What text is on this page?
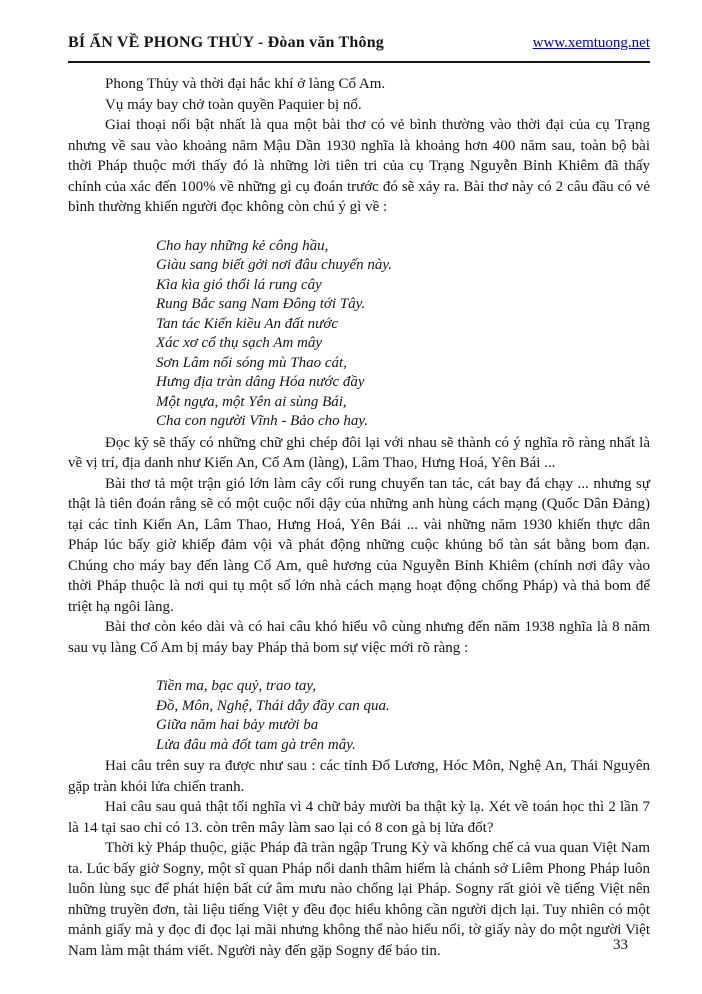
BÍ ẨN VỀ PHONG THỦY - Đòan văn Thông	www.xemtuong.net

Phong Thủy và thời đại hắc khí ở làng Cổ Am.

Vụ máy bay chở toàn quyền Paquier bị nổ.

Giai thoại nổi bật nhất là qua một bài thơ có vẻ bình thường vào thời đại của cụ Trạng nhưng về sau vào khoảng năm Mậu Dần 1930 nghĩa là khoảng hơn 400 năm sau, toàn bộ bài thời Pháp thuộc mới thấy đó là những lời tiên tri của cụ Trạng Nguyễn Bỉnh Khiêm đã thấy chính của xác đến 100% về những gì cụ đoán trước đó sẽ xảy ra. Bài thơ này có 2 câu đầu có vẻ bình thường khiến người đọc không còn chú ý gì về :

Cho hay những kẻ công hầu,
Giàu sang biết gởi nơi đâu chuyến này.
Kìa kìa gió thổi lá rung cây
Rung Bắc sang Nam Đông tới Tây.
Tan tác Kiến kiều An đất nước
Xác xơ cổ thụ sạch Am mây
Sơn Lâm nổi sóng mù Thao cát,
Hưng địa tràn dâng Hóa nước đầy
Một ngựa, một Yên ai sùng Bái,
Cha con người Vĩnh - Bảo cho hay.

Đọc kỹ sẽ thấy có những chữ ghi chép đôi lại với nhau sẽ thành có ý nghĩa rõ ràng nhất là về vị trí, địa danh như Kiến An, Cổ Am (làng), Lâm Thao, Hưng Hoá, Yên Bái ...

Bài thơ tả một trận gió lớn làm cây cối rung chuyển tan tác, cát bay đá chạy ... nhưng sự thật là tiên đoán rằng sẽ có một cuộc nổi dậy của những anh hùng cách mạng (Quốc Dân Đảng) tại các tỉnh Kiến An, Lâm Thao, Hưng Hoá, Yên Bái ... vài những năm 1930 khiến thực dân Pháp lúc bấy giờ khiếp đảm vội vã phát động những cuộc khủng bố tàn sát bằng bom đạn. Chúng cho máy bay đến làng Cổ Am, quê hương của Nguyễn Bỉnh Khiêm (chính nơi đây vào thời Pháp thuộc là nơi qui tụ một số lớn nhà cách mạng hoạt động chống Pháp) và thả bom để triệt hạ ngôi làng.

Bài thơ còn kéo dài và có hai câu khó hiểu vô cùng nhưng đến năm 1938 nghĩa là 8 năm sau vụ làng Cổ Am bị máy bay Pháp thả bom sự việc mới rõ ràng :

Tiền ma, bạc quỷ, trao tay,
Đồ, Môn, Nghệ, Thái dẫy đầy can qua.
Giữa năm hai bảy mười ba
Lửa đâu mà đốt tam gà trên mây.

Hai câu trên suy ra được như sau : các tỉnh Đổ Lương, Hóc Môn, Nghệ An, Thái Nguyên gặp tràn khói lửa chiến tranh.

Hai câu sau quả thật tối nghĩa vì 4 chữ bảy mười ba thật kỳ lạ. Xét về toán học thì 2 lần 7 là 14 tại sao chỉ có 13. còn trên mây làm sao lại có 8 con gà bị lửa đốt?

Thời kỳ Pháp thuộc, giặc Pháp đã tràn ngập Trung Kỳ và khống chế cả vua quan Việt Nam ta. Lúc bấy giờ Sogny, một sĩ quan Pháp nổi danh thâm hiểm là chánh sở Liêm Phong Pháp luôn luôn lùng sục để phát hiện bất cứ âm mưu nào chống lại Pháp. Sogny rất giỏi về tiếng Việt nên những truyền đơn, tài liệu tiếng Việt y đều đọc hiểu không cần người dịch lại. Tuy nhiên có một mảnh giấy mà y đọc đi đọc lại mãi nhưng không thể nào hiểu nổi, tờ giấy này do một người Việt Nam làm mật thám viết. Người này đến gặp Sogny để báo tin.	33
